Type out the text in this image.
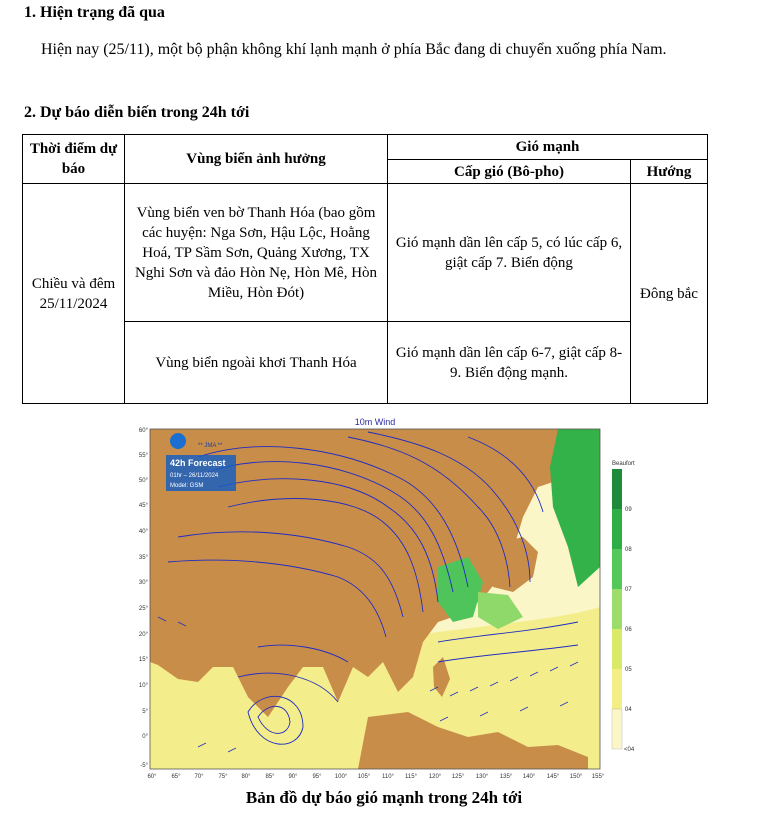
1. Hiện trạng đã qua
Hiện nay (25/11), một bộ phận không khí lạnh mạnh ở phía Bắc đang di chuyển xuống phía Nam.
2. Dự báo diễn biến trong 24h tới
Thời điểm dự báo	Vùng biển ảnh hưởng	Gió mạnh	
		Cấp gió (Bô-pho)	Hướng
Chiều và đêm 25/11/2024	Vùng biển ven bờ Thanh Hóa (bao gồm các huyện: Nga Sơn, Hậu Lộc, Hoằng Hoá, TP Sầm Sơn, Quảng Xương, TX Nghi Sơn và đảo Hòn Nẹ, Hòn Mê, Hòn Miều, Hòn Đót)	Gió mạnh dần lên cấp 5, có lúc cấp 6, giật cấp 7. Biển động	Đông bắc
	Vùng biển ngoài khơi Thanh Hóa	Gió mạnh dần lên cấp 6-7, giật cấp 8-9. Biển động mạnh.	
10m Wind
** JMA **
42h Forecast
01hr – 26/11/2024
Model: GSM
60°
55°
50°
45°
40°
35°
30°
25°
20°
15°
10°
5°
0°
-5°
60° 65° 70° 75° 80° 85° 90° 95° 100° 105° 110° 115° 120° 125° 130° 135° 140° 145° 150° 155°
Beaufort
09
08
07
06
05
04
<04
Bản đồ dự báo gió mạnh trong 24h tới
